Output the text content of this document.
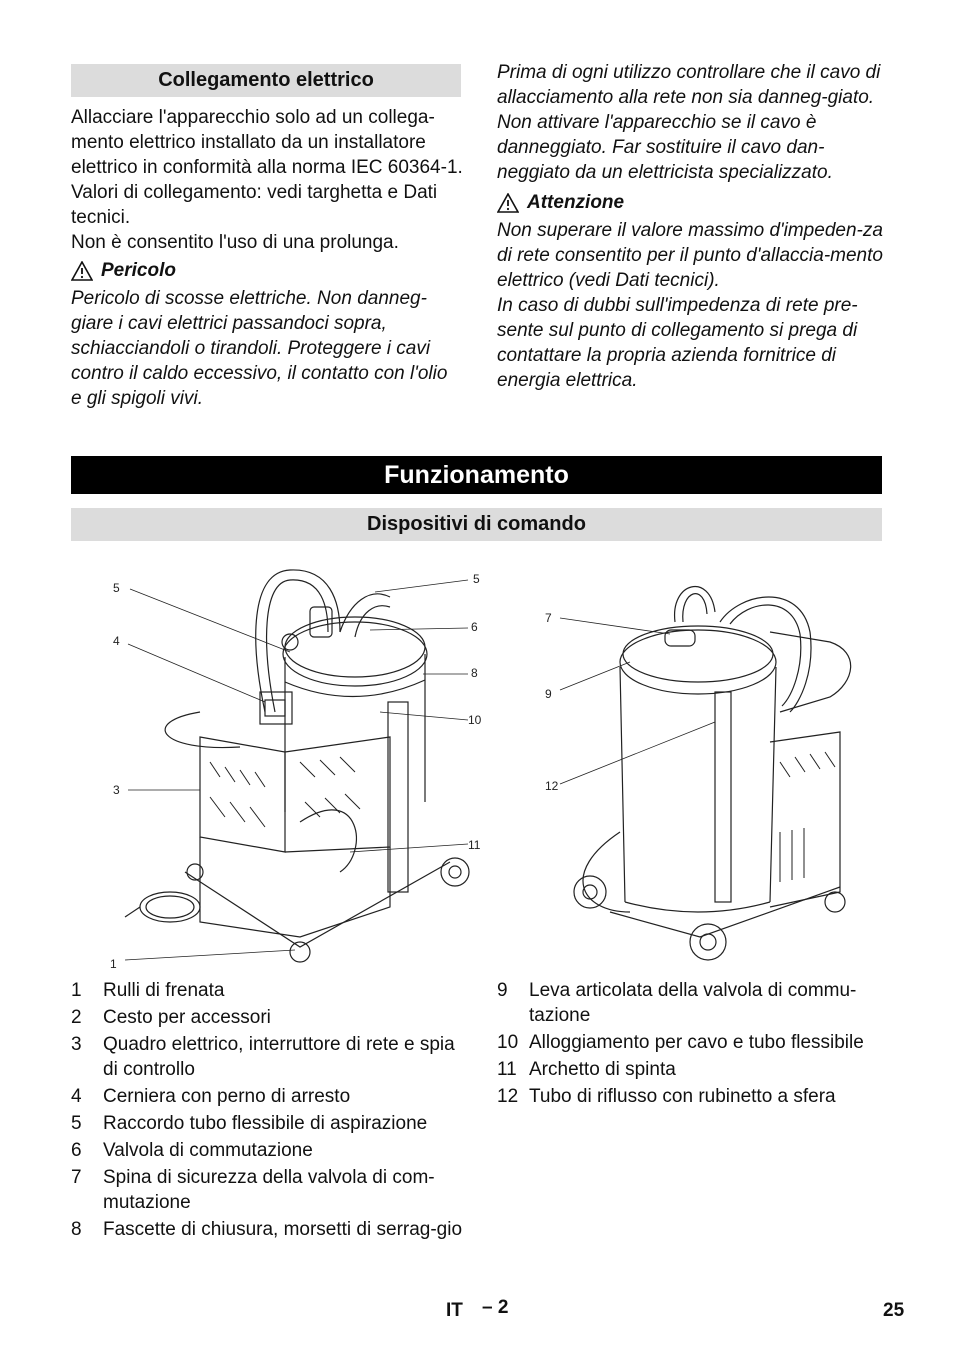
Collegamento elettrico

Allacciare l'apparecchio solo ad un collega-mento elettrico installato da un installatore elettrico in conformità alla norma IEC 60364-1.

Valori di collegamento: vedi targhetta e Dati tecnici.

Non è consentito l'uso di una prolunga.

Pericolo

Pericolo di scosse elettriche. Non danneg-giare i cavi elettrici passandoci sopra, schiacciandoli o tirandoli. Proteggere i cavi contro il caldo eccessivo, il contatto con l'olio e gli spigoli vivi.

Prima di ogni utilizzo controllare che il cavo di allacciamento alla rete non sia danneg-giato. Non attivare l'apparecchio se il cavo è danneggiato. Far sostituire il cavo dan-neggiato da un elettricista specializzato.

Attenzione

Non superare il valore massimo d'impeden-za di rete consentito per il punto d'allaccia-mento elettrico (vedi Dati tecnici).

In caso di dubbi sull'impedenza di rete pre-sente sul punto di collegamento si prega di contattare la propria azienda fornitrice di energia elettrica.

Funzionamento
Dispositivi di comando
5
4
3
5
6
8
10
11
1
7
9
12
1	Rulli di frenata
2	Cesto per accessori
3	Quadro elettrico, interruttore di rete e spia di controllo
4	Cerniera con perno di arresto
5	Raccordo tubo flessibile di aspirazione
6	Valvola di commutazione
7	Spina di sicurezza della valvola di com-mutazione
8	Fascette di chiusura, morsetti di serrag-gio
9	Leva articolata della valvola di commu-tazione
10 Alloggiamento per cavo e tubo flessibile
11 Archetto di spinta
12 Tubo di riflusso con rubinetto a sfera
IT – 2	25
